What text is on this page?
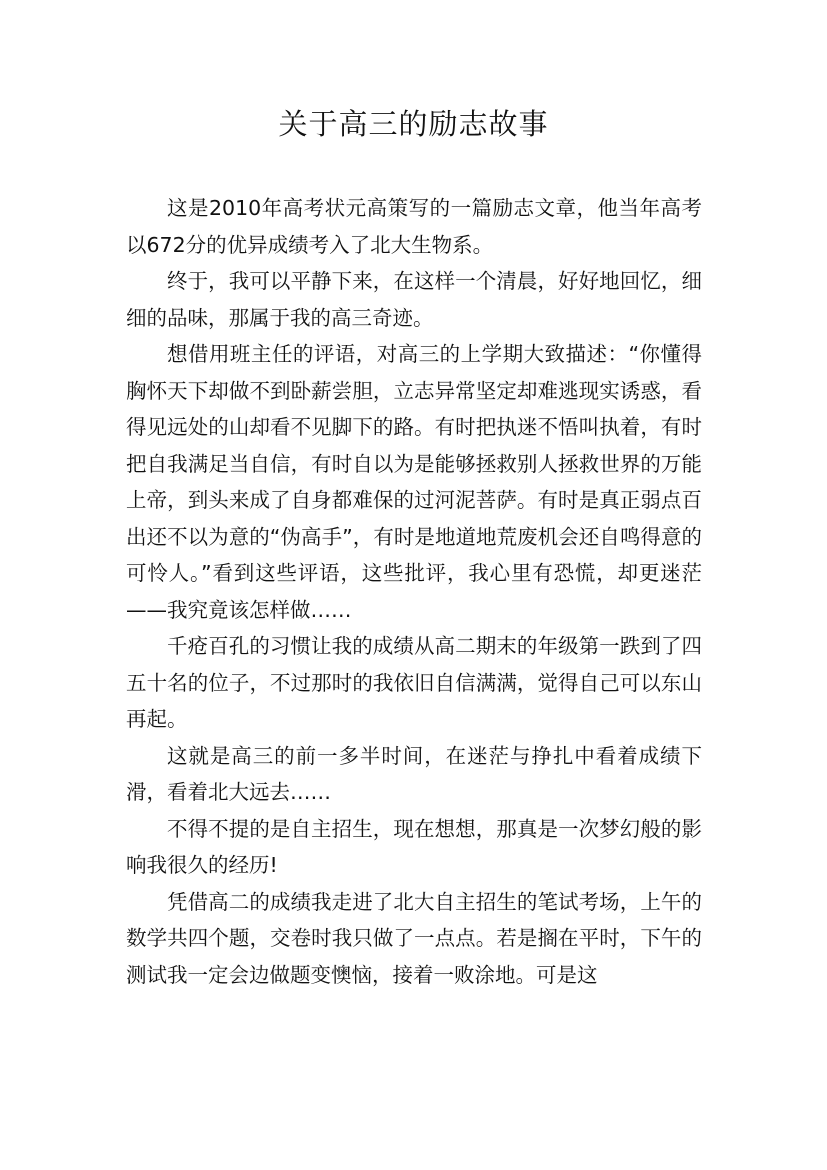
关于高三的励志故事

这是2010年高考状元高策写的一篇励志文章，他当年高考以672分的优异成绩考入了北大生物系。

终于，我可以平静下来，在这样一个清晨，好好地回忆，细细的品味，那属于我的高三奇迹。

想借用班主任的评语，对高三的上学期大致描述：“你懂得胸怀天下却做不到卧薪尝胆，立志异常坚定却难逃现实诱惑，看得见远处的山却看不见脚下的路。有时把执迷不悟叫执着，有时把自我满足当自信，有时自以为是能够拯救别人拯救世界的万能上帝，到头来成了自身都难保的过河泥菩萨。有时是真正弱点百出还不以为意的“伪高手”，有时是地道地荒废机会还自鸣得意的可怜人。”看到这些评语，这些批评，我心里有恐慌，却更迷茫——我究竟该怎样做……

千疮百孔的习惯让我的成绩从高二期末的年级第一跌到了四五十名的位子，不过那时的我依旧自信满满，觉得自己可以东山再起。

这就是高三的前一多半时间，在迷茫与挣扎中看着成绩下滑，看着北大远去……

不得不提的是自主招生，现在想想，那真是一次梦幻般的影响我很久的经历!

凭借高二的成绩我走进了北大自主招生的笔试考场，上午的数学共四个题，交卷时我只做了一点点。若是搁在平时，下午的测试我一定会边做题变懊恼，接着一败涂地。可是这
